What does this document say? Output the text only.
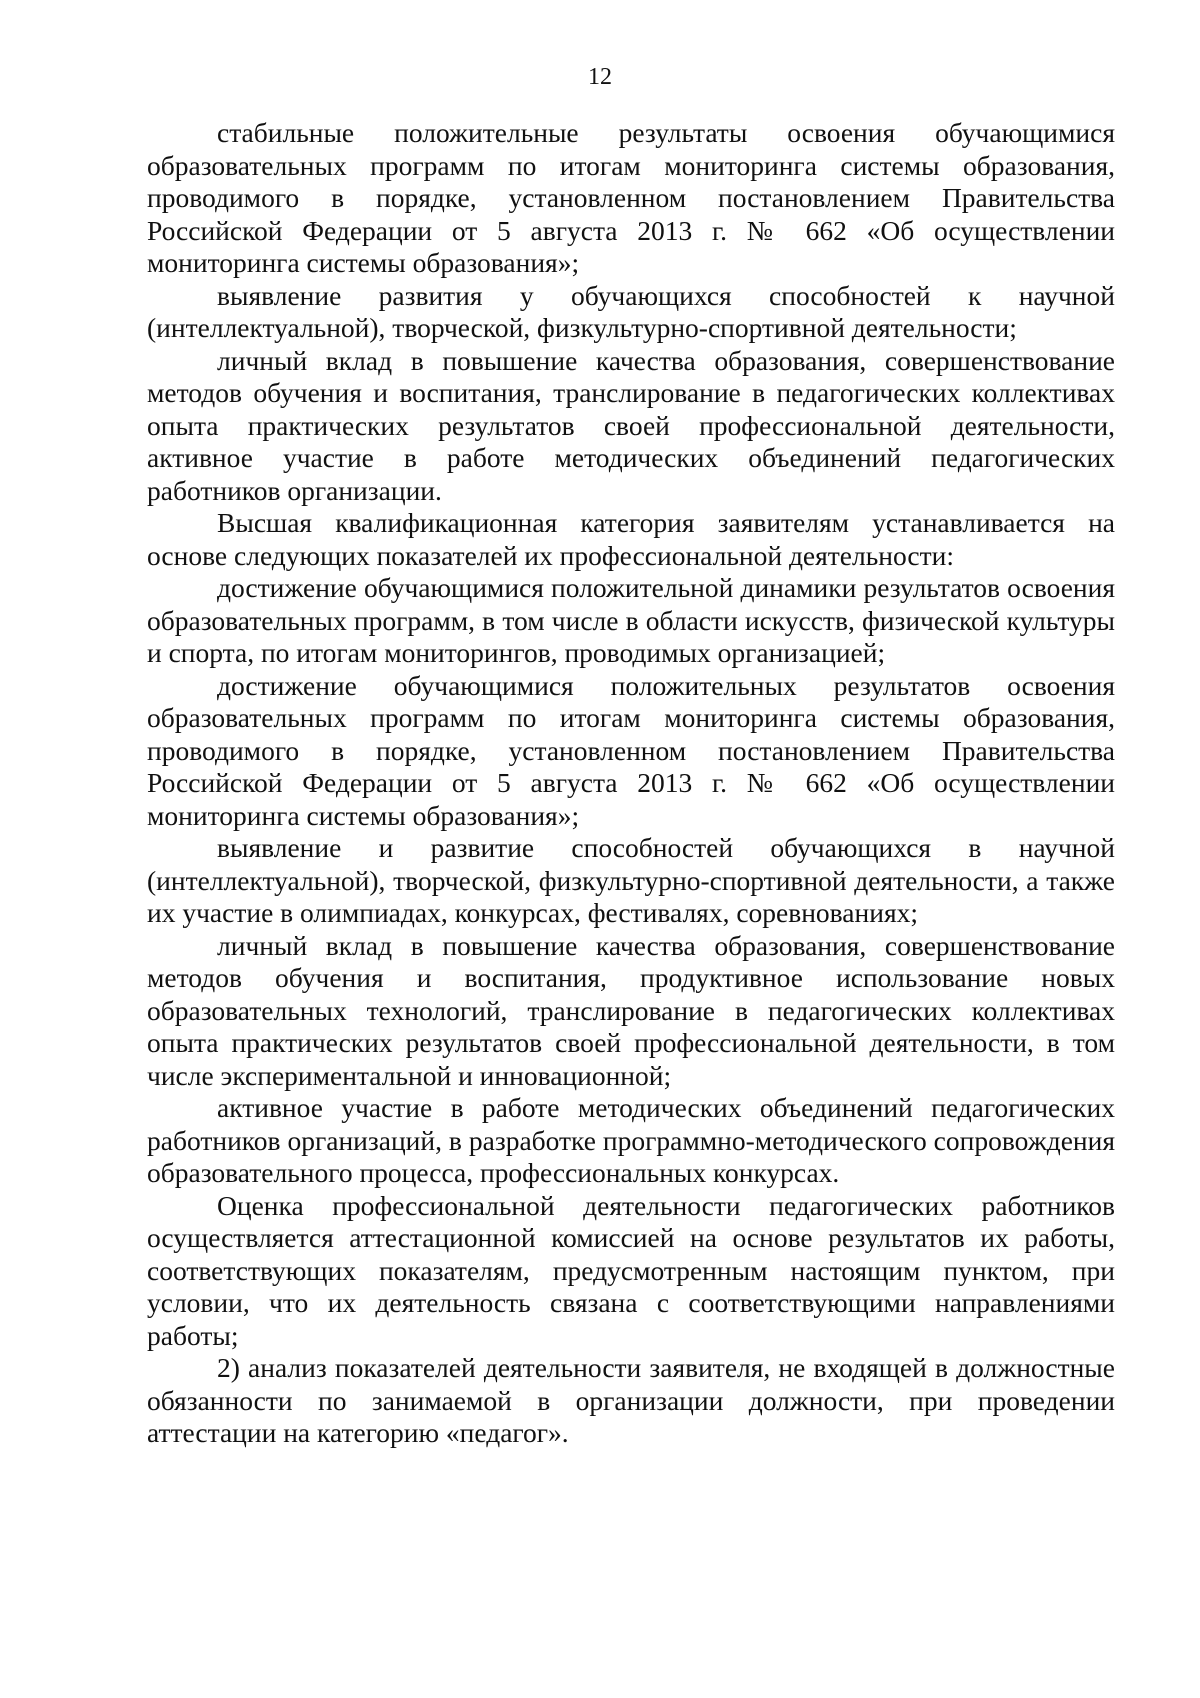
12

стабильные положительные результаты освоения обучающимися образовательных программ по итогам мониторинга системы образования, проводимого в порядке, установленном постановлением Правительства Российской Федерации от 5 августа 2013 г. № 662 «Об осуществлении мониторинга системы образования»;

выявление развития у обучающихся способностей к научной (интеллектуальной), творческой, физкультурно-спортивной деятельности;

личный вклад в повышение качества образования, совершенствование методов обучения и воспитания, транслирование в педагогических коллективах опыта практических результатов своей профессиональной деятельности, активное участие в работе методических объединений педагогических работников организации.

Высшая квалификационная категория заявителям устанавливается на основе следующих показателей их профессиональной деятельности:

достижение обучающимися положительной динамики результатов освоения образовательных программ, в том числе в области искусств, физической культуры и спорта, по итогам мониторингов, проводимых организацией;

достижение обучающимися положительных результатов освоения образовательных программ по итогам мониторинга системы образования, проводимого в порядке, установленном постановлением Правительства Российской Федерации от 5 августа 2013 г. № 662 «Об осуществлении мониторинга системы образования»;

выявление и развитие способностей обучающихся в научной (интеллектуальной), творческой, физкультурно-спортивной деятельности, а также их участие в олимпиадах, конкурсах, фестивалях, соревнованиях;

личный вклад в повышение качества образования, совершенствование методов обучения и воспитания, продуктивное использование новых образовательных технологий, транслирование в педагогических коллективах опыта практических результатов своей профессиональной деятельности, в том числе экспериментальной и инновационной;

активное участие в работе методических объединений педагогических работников организаций, в разработке программно-методического сопровождения образовательного процесса, профессиональных конкурсах.

Оценка профессиональной деятельности педагогических работников осуществляется аттестационной комиссией на основе результатов их работы, соответствующих показателям, предусмотренным настоящим пунктом, при условии, что их деятельность связана с соответствующими направлениями работы;

2) анализ показателей деятельности заявителя, не входящей в должностные обязанности по занимаемой в организации должности, при проведении аттестации на категорию «педагог».
